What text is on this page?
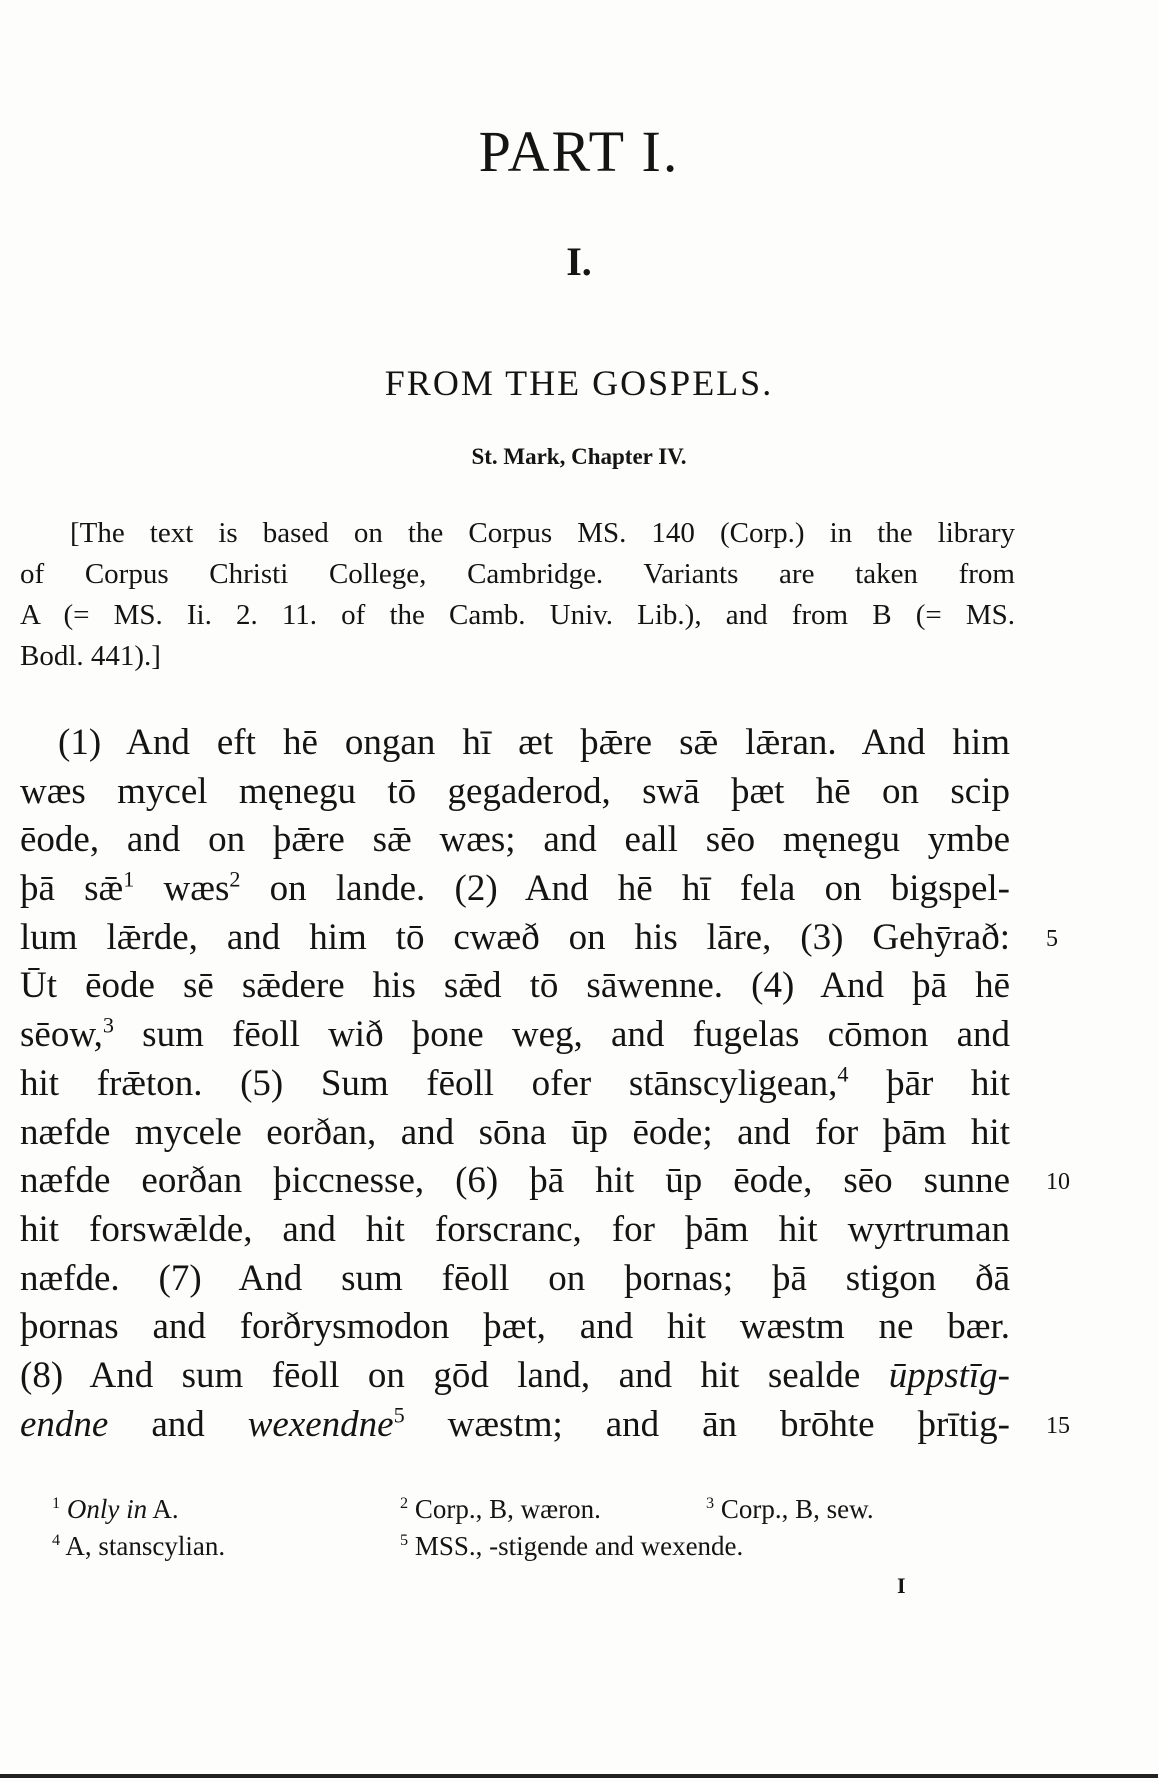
PART I.
I.
FROM THE GOSPELS.
St. Mark, Chapter IV.
[The text is based on the Corpus MS. 140 (Corp.) in the library
of Corpus Christi College, Cambridge. Variants are taken from
A (= MS. Ii. 2. 11. of the Camb. Univ. Lib.), and from B (= MS.
Bodl. 441).]
(1) And eft hē ongan hī æt þǣre sǣ lǣran. And him
wæs mycel męnegu tō gegaderod, swā þæt hē on scip
ēode, and on þǣre sǣ wæs; and eall sēo męnegu ymbe
þā $sǣ^1$ wæs$^2$ on lande. (2) And hē hī fela on bigspel-
lum lǣrde, and him tō cwæð on his lāre, (3) Gehȳrað:
Ūt ēode sē sǣdere his sǣd tō sāwenne. (4) And þā hē
sēow,$^3$ sum fēoll wið þone weg, and fugelas cōmon and
hit frǣton. (5) Sum fēoll ofer stānscyligean,$^4$ þār hit
næfde mycele eorðan, and sōna ūp ēode; and for þām hit
næfde eorðan þiccnesse, (6) þā hit ūp ēode, sēo sunne
hit forswǣlde, and hit forscranc, for þām hit wyrtruman
næfde. (7) And sum fēoll on þornas; þā stigon ðā
þornas and forðrysmodon þæt, and hit wæstm ne bær.
(8) And sum fēoll on gōd land, and hit sealde ūppstīg-
endne and wexendne$^5$ wæstm; and ān brōhte þrītig-
5
10
15
$^1$ Only in A.	$^2$ Corp., B, wæron.	$^3$ Corp., B, sew.
$^4$ A, stanscylian.	$^5$ MSS., -stigende and wexende.
I
